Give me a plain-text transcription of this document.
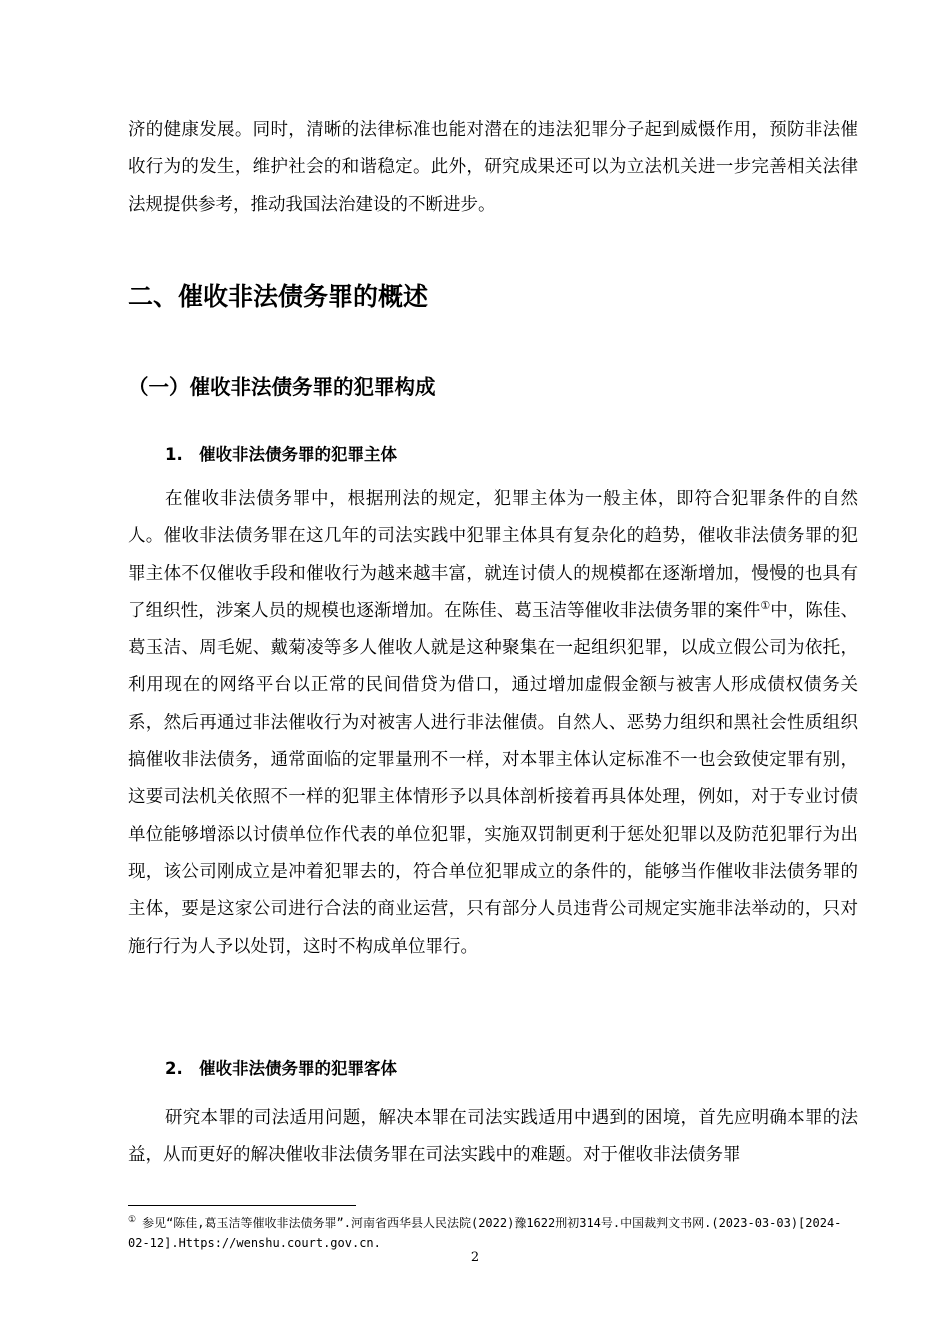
济的健康发展。同时，清晰的法律标准也能对潜在的违法犯罪分子起到威慑作用，预防非法催收行为的发生，维护社会的和谐稳定。此外，研究成果还可以为立法机关进一步完善相关法律法规提供参考，推动我国法治建设的不断进步。

二、催收非法债务罪的概述
（一）催收非法债务罪的犯罪构成
1. 催收非法债务罪的犯罪主体

在催收非法债务罪中，根据刑法的规定，犯罪主体为一般主体，即符合犯罪条件的自然人。催收非法债务罪在这几年的司法实践中犯罪主体具有复杂化的趋势，催收非法债务罪的犯罪主体不仅催收手段和催收行为越来越丰富，就连讨债人的规模都在逐渐增加，慢慢的也具有了组织性，涉案人员的规模也逐渐增加。在陈佳、葛玉洁等催收非法债务罪的案件①中，陈佳、葛玉洁、周毛妮、戴菊凌等多人催收人就是这种聚集在一起组织犯罪，以成立假公司为依托，利用现在的网络平台以正常的民间借贷为借口，通过增加虚假金额与被害人形成债权债务关系，然后再通过非法催收行为对被害人进行非法催债。自然人、恶势力组织和黑社会性质组织搞催收非法债务，通常面临的定罪量刑不一样，对本罪主体认定标准不一也会致使定罪有别，这要司法机关依照不一样的犯罪主体情形予以具体剖析接着再具体处理，例如，对于专业讨债单位能够增添以讨债单位作代表的单位犯罪，实施双罚制更利于惩处犯罪以及防范犯罪行为出现，该公司刚成立是冲着犯罪去的，符合单位犯罪成立的条件的，能够当作催收非法债务罪的主体，要是这家公司进行合法的商业运营，只有部分人员违背公司规定实施非法举动的，只对施行行为人予以处罚，这时不构成单位罪行。

2. 催收非法债务罪的犯罪客体

研究本罪的司法适用问题，解决本罪在司法实践适用中遇到的困境，首先应明确本罪的法益，从而更好的解决催收非法债务罪在司法实践中的难题。对于催收非法债务罪

① 参见“陈佳,葛玉洁等催收非法债务罪”.河南省西华县人民法院(2022)豫1622刑初314号.中国裁判文书网.(2023-03-03)[2024-02-12].Https://wenshu.court.gov.cn.

2
